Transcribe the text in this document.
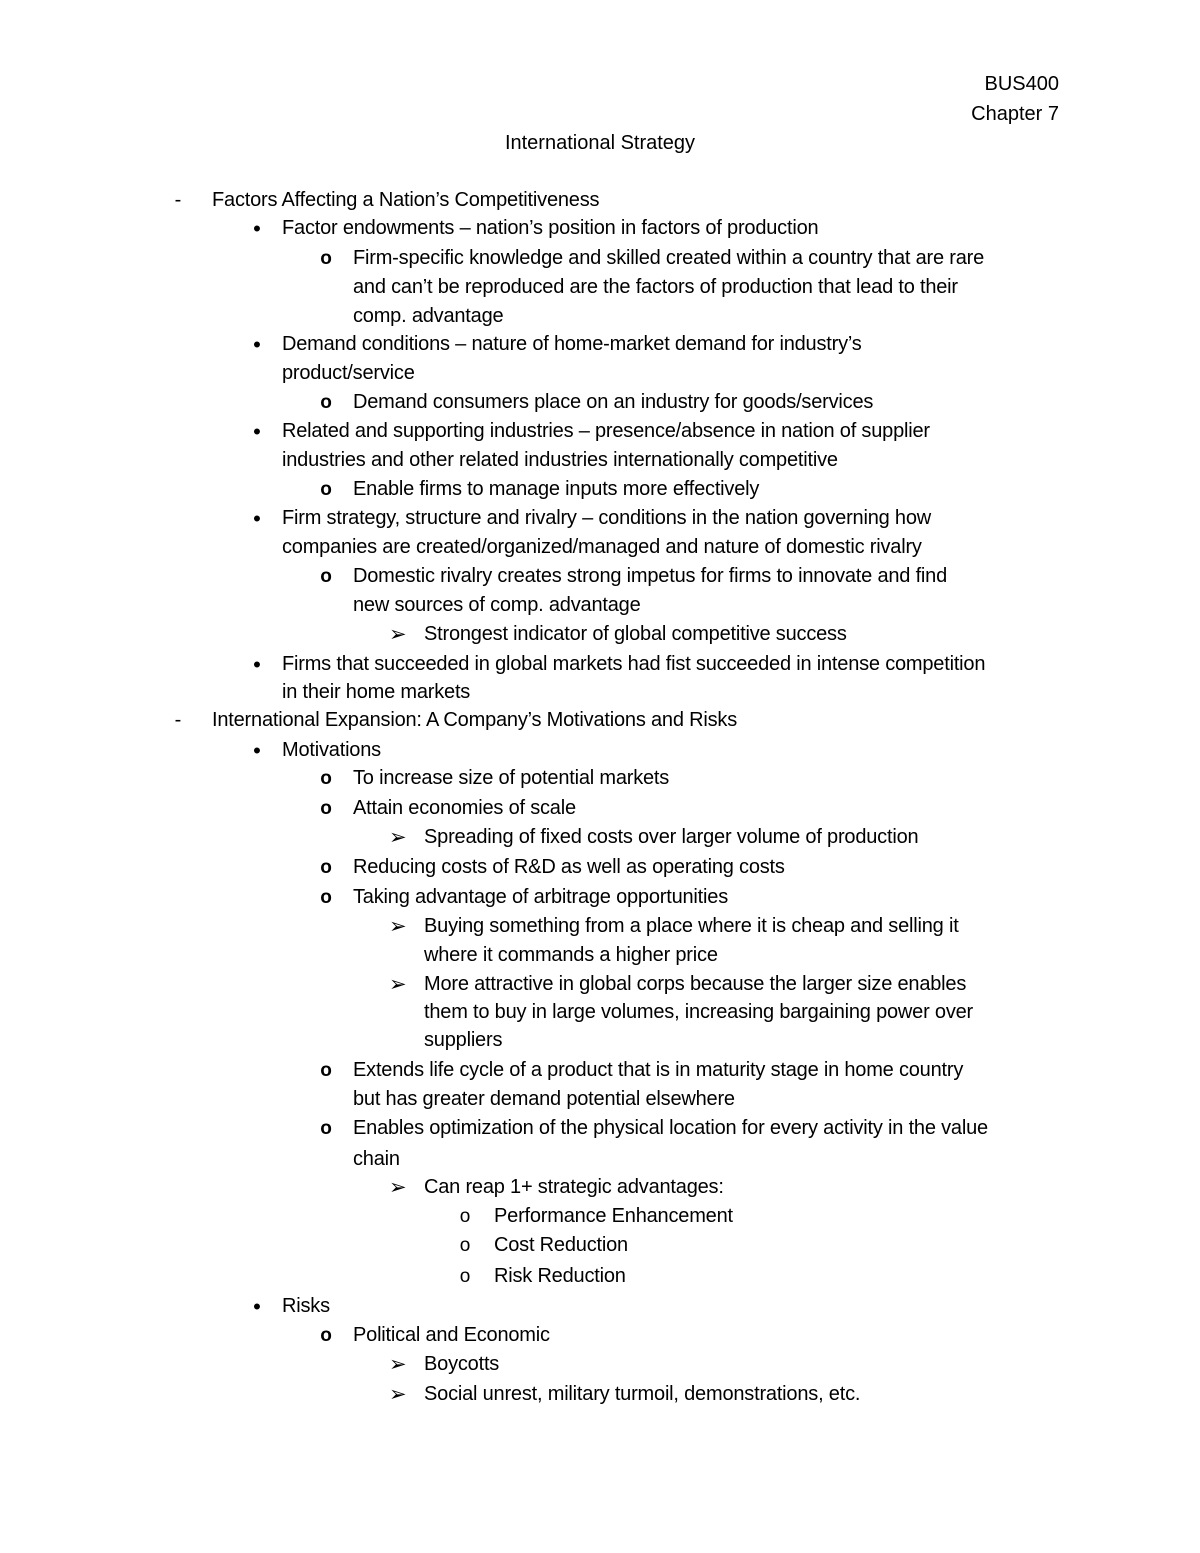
BUS400
Chapter 7
International Strategy
- Factors Affecting a Nation’s Competitiveness
• Factor endowments – nation’s position in factors of production
o Firm-specific knowledge and skilled created within a country that are rare
and can’t be reproduced are the factors of production that lead to their
comp. advantage
• Demand conditions – nature of home-market demand for industry’s
product/service
o Demand consumers place on an industry for goods/services
• Related and supporting industries – presence/absence in nation of supplier
industries and other related industries internationally competitive
o Enable firms to manage inputs more effectively
• Firm strategy, structure and rivalry – conditions in the nation governing how
companies are created/organized/managed and nature of domestic rivalry
o Domestic rivalry creates strong impetus for firms to innovate and find
new sources of comp. advantage
➢ Strongest indicator of global competitive success
• Firms that succeeded in global markets had fist succeeded in intense competition
in their home markets
- International Expansion: A Company’s Motivations and Risks
• Motivations
o To increase size of potential markets
o Attain economies of scale
➢ Spreading of fixed costs over larger volume of production
o Reducing costs of R&D as well as operating costs
o Taking advantage of arbitrage opportunities
➢ Buying something from a place where it is cheap and selling it
where it commands a higher price
➢ More attractive in global corps because the larger size enables
them to buy in large volumes, increasing bargaining power over
suppliers
o Extends life cycle of a product that is in maturity stage in home country
but has greater demand potential elsewhere
o Enables optimization of the physical location for every activity in the value
chain
➢ Can reap 1+ strategic advantages:
o Performance Enhancement
o Cost Reduction
o Risk Reduction
• Risks
o Political and Economic
➢ Boycotts
➢ Social unrest, military turmoil, demonstrations, etc.
